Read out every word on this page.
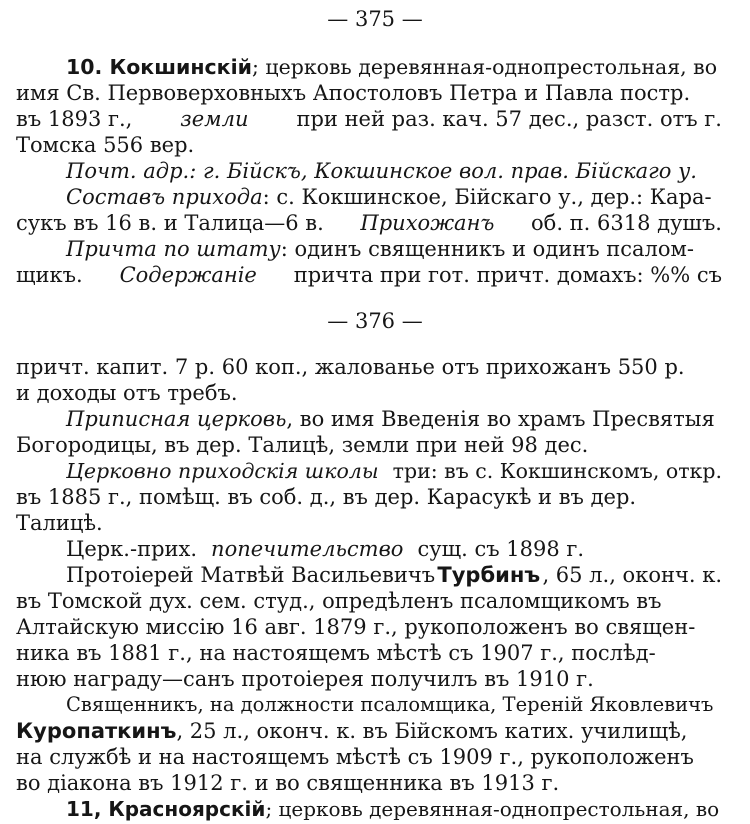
— 375 —
10. Кокшинскій ; церковь деревянная-однопрестольная, во
имя Св. Первоверховныхъ Апостоловъ Петра и Павла постр.
въ 1893 г., земли при ней раз. кач. 57 дес., разст. отъ г.
Томска 556 вер.
Почт. адр.: г. Бійскъ, Кокшинское вол. прав. Бійскаго у.
Составъ прихода : с. Кокшинское, Бійскаго у., дер.: Кара-
сукъ въ 16 в. и Талица—6 в. Прихожанъ об. п. 6318 душъ.
Причта по штату : одинъ священникъ и одинъ псалом-
щикъ. Содержаніе причта при гот. причт. домахъ: %% съ
— 376 —
причт. капит. 7 р. 60 коп., жалованье отъ прихожанъ 550 р.
и доходы отъ требъ.
Приписная церковь , во имя Введенія во храмъ Пресвятыя
Богородицы, въ дер. Талицѣ, земли при ней 98 дес.
Церковно приходскія школы три: въ с. Кокшинскомъ, откр.
въ 1885 г., помѣщ. въ соб. д., въ дер. Карасукѣ и въ дер.
Талицѣ.
Церк.-прих. попечительство сущ. съ 1898 г.
Протоіерей Матвѣй Васильевичъ Турбинъ , 65 л., оконч. к.
въ Томской дух. сем. студ., опредѣленъ псаломщикомъ въ
Алтайскую миссію 16 авг. 1879 г., рукоположенъ во священ-
ника въ 1881 г., на настоящемъ мѣстѣ съ 1907 г., послѣд-
нюю награду—санъ протоіерея получилъ въ 1910 г.
Священникъ, на должности псаломщика, Тереній Яковлевичъ
Куропаткинъ , 25 л., оконч. к. въ Бійскомъ катих. училищѣ,
на службѣ и на настоящемъ мѣстѣ съ 1909 г., рукоположенъ
во діакона въ 1912 г. и во священника въ 1913 г.
11, Красноярскій ; церковь деревянная-однопрестольная, во
